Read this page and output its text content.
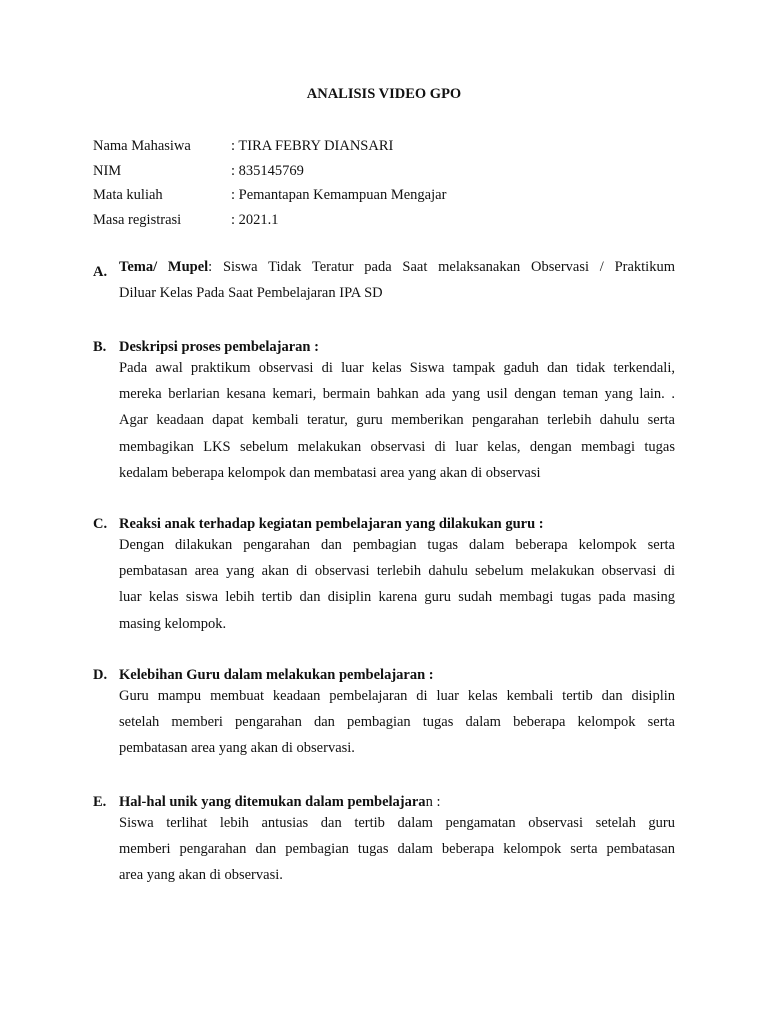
ANALISIS VIDEO GPO
Nama Mahasiwa	: TIRA FEBRY DIANSARI
NIM	: 835145769
Mata kuliah	: Pemantapan Kemampuan Mengajar
Masa registrasi	: 2021.1
A. Tema/ Mupel: Siswa Tidak Teratur pada Saat melaksanakan Observasi / Praktikum
Diluar Kelas Pada Saat Pembelajaran IPA SD
B. Deskripsi proses pembelajaran :
Pada awal praktikum observasi di luar kelas Siswa tampak gaduh dan tidak terkendali,
mereka berlarian kesana kemari, bermain bahkan ada yang usil dengan teman yang lain. .
Agar keadaan dapat kembali teratur, guru memberikan pengarahan terlebih dahulu serta
membagikan LKS sebelum melakukan observasi di luar kelas, dengan membagi tugas
kedalam beberapa kelompok dan membatasi area yang akan di observasi
C. Reaksi anak terhadap kegiatan pembelajaran yang dilakukan guru :
Dengan dilakukan pengarahan dan pembagian tugas dalam beberapa kelompok serta
pembatasan area yang akan di observasi terlebih dahulu sebelum melakukan observasi di
luar kelas siswa lebih tertib dan disiplin karena guru sudah membagi tugas pada masing
masing kelompok.
D. Kelebihan Guru dalam melakukan pembelajaran :
Guru mampu membuat keadaan pembelajaran di luar kelas kembali tertib dan disiplin
setelah memberi pengarahan dan pembagian tugas dalam beberapa kelompok serta
pembatasan area yang akan di observasi.
E. Hal-hal unik yang ditemukan dalam pembelajaran :
Siswa terlihat lebih antusias dan tertib dalam pengamatan observasi setelah guru
memberi pengarahan dan pembagian tugas dalam beberapa kelompok serta pembatasan
area yang akan di observasi.
